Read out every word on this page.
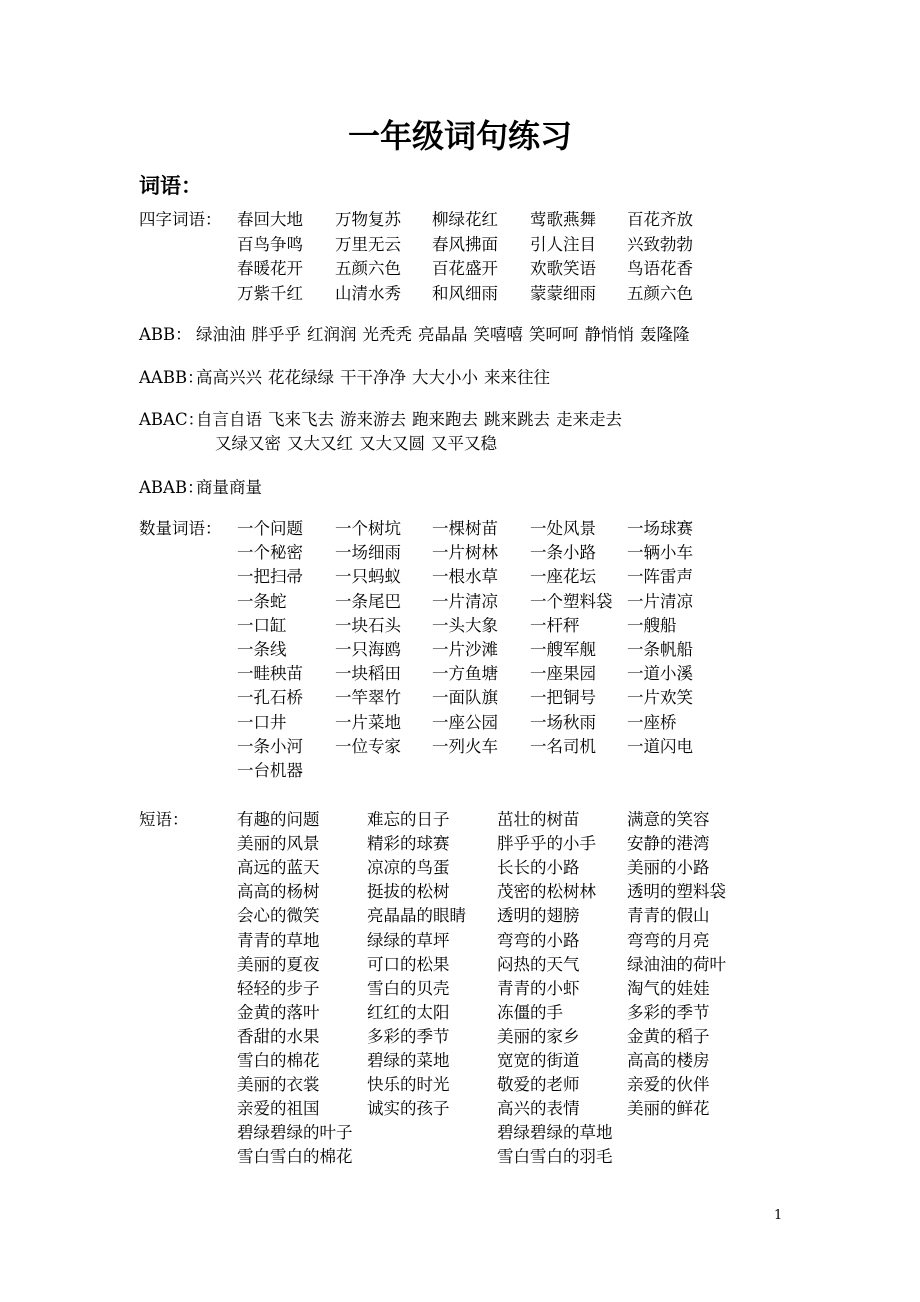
一年级词句练习
词语：
四字词语： 春回大地 万物复苏 柳绿花红 莺歌燕舞 百花齐放
百鸟争鸣 万里无云 春风拂面 引人注目 兴致勃勃
春暖花开 五颜六色 百花盛开 欢歌笑语 鸟语花香
万紫千红 山清水秀 和风细雨 蒙蒙细雨 五颜六色
ABB： 绿油油 胖乎乎 红润润 光秃秃 亮晶晶 笑嘻嘻 笑呵呵 静悄悄 轰隆隆
AABB：
高高兴兴 花花绿绿 干干净净 大大小小 来来往往
ABAC：
自言自语 飞来飞去 游来游去 跑来跑去 跳来跳去 走来走去
又绿又密 又大又红 又大又圆 又平又稳
ABAB：
商量商量
数量词语： 一个问题 一个树坑 一棵树苗 一处风景 一场球赛
一个秘密 一场细雨 一片树林 一条小路 一辆小车
一把扫帚 一只蚂蚁 一根水草 一座花坛 一阵雷声
一条蛇	一条尾巴 一片清凉 一个塑料袋 一片清凉
一口缸	一块石头 一头大象 一杆秤	一艘船
一条线	一只海鸥 一片沙滩 一艘军舰 一条帆船
一畦秧苗 一块稻田 一方鱼塘 一座果园 一道小溪
一孔石桥 一竿翠竹 一面队旗 一把铜号 一片欢笑
一口井	一片菜地 一座公园 一场秋雨 一座桥
一条小河 一位专家 一列火车 一名司机 一道闪电
一台机器
短语：	有趣的问题	难忘的日子	茁壮的树苗	满意的笑容
美丽的风景	精彩的球赛	胖乎乎的小手 安静的港湾
高远的蓝天	凉凉的鸟蛋	长长的小路	美丽的小路
高高的杨树	挺拔的松树	茂密的松树林 透明的塑料袋
会心的微笑	亮晶晶的眼睛 透明的翅膀	青青的假山
青青的草地	绿绿的草坪	弯弯的小路	弯弯的月亮
美丽的夏夜	可口的松果	闷热的天气	绿油油的荷叶
轻轻的步子	雪白的贝壳	青青的小虾	淘气的娃娃
金黄的落叶	红红的太阳	冻僵的手	多彩的季节
香甜的水果	多彩的季节	美丽的家乡	金黄的稻子
雪白的棉花	碧绿的菜地	宽宽的街道	高高的楼房
美丽的衣裳	快乐的时光	敬爱的老师	亲爱的伙伴
亲爱的祖国	诚实的孩子	高兴的表情	美丽的鲜花
碧绿碧绿的叶子	碧绿碧绿的草地
雪白雪白的棉花	雪白雪白的羽毛
1
